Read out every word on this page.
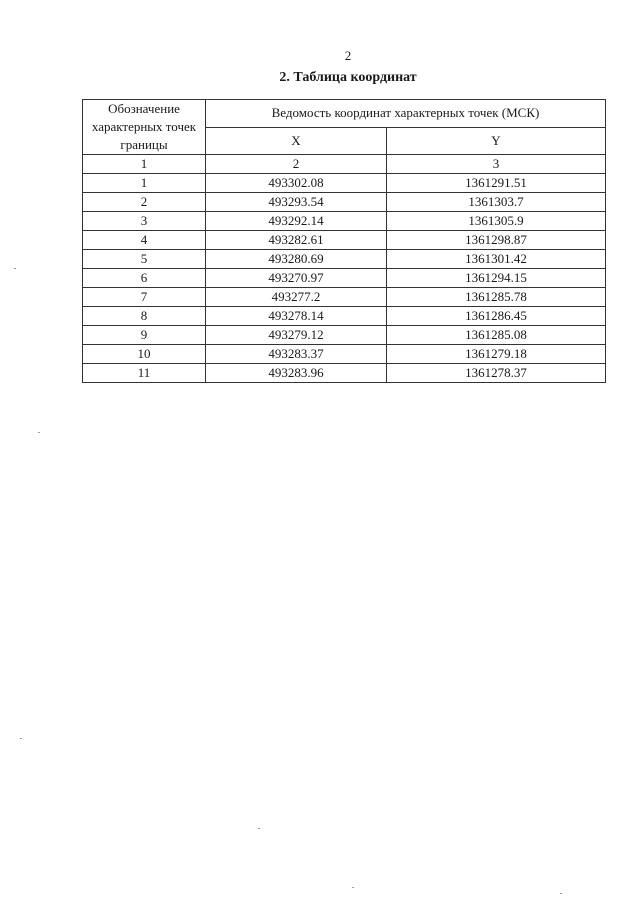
2
2. Таблица координат
Обозначение характерных точек границы	Ведомость координат характерных точек (МСК)	
	X	Y
1	2	3
1	493302.08	1361291.51
2	493293.54	1361303.7
3	493292.14	1361305.9
4	493282.61	1361298.87
5	493280.69	1361301.42
6	493270.97	1361294.15
7	493277.2	1361285.78
8	493278.14	1361286.45
9	493279.12	1361285.08
10	493283.37	1361279.18
11	493283.96	1361278.37
